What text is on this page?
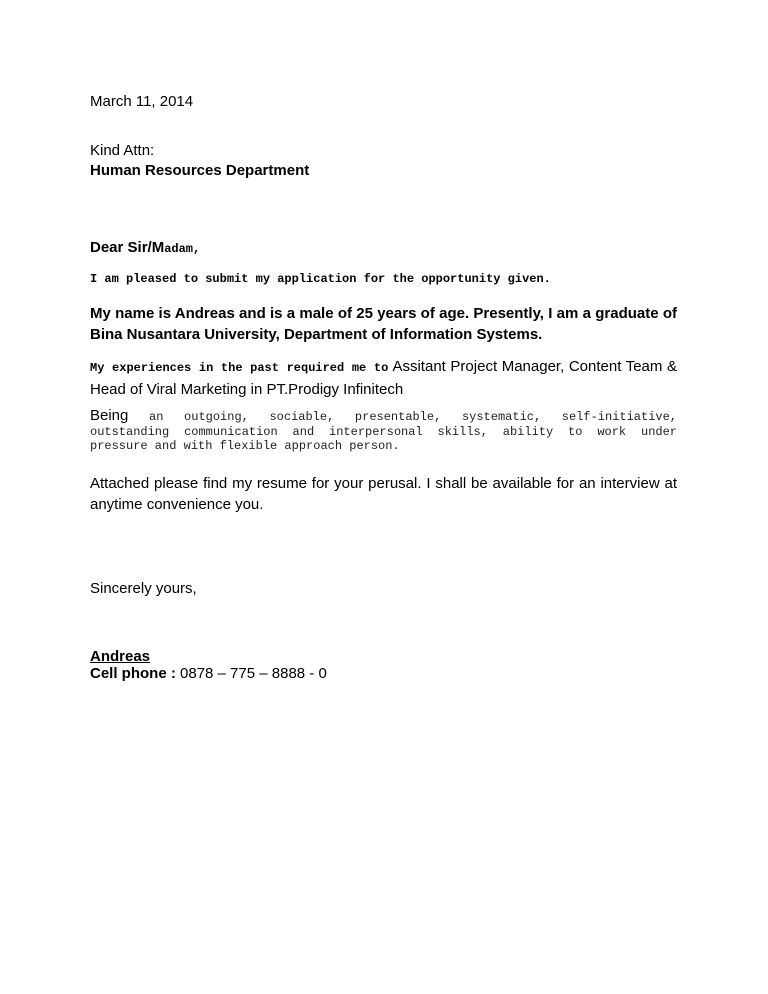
March 11, 2014
Kind Attn:
Human Resources Department
Dear Sir/Madam,
I am pleased to submit my application for the opportunity given.
My name is Andreas and is a male of 25 years of age. Presently, I am a graduate of Bina Nusantara University, Department of Information Systems.
My experiences in the past required me to Assitant Project Manager, Content Team & Head of Viral Marketing in PT.Prodigy Infinitech
Being an outgoing, sociable, presentable, systematic, self-initiative, outstanding communication and interpersonal skills, ability to work under pressure and with flexible approach person.
Attached please find my resume for your perusal. I shall be available for an interview at anytime convenience you.
Sincerely yours,
Andreas
Cell phone : 0878 – 775 – 8888 - 0
